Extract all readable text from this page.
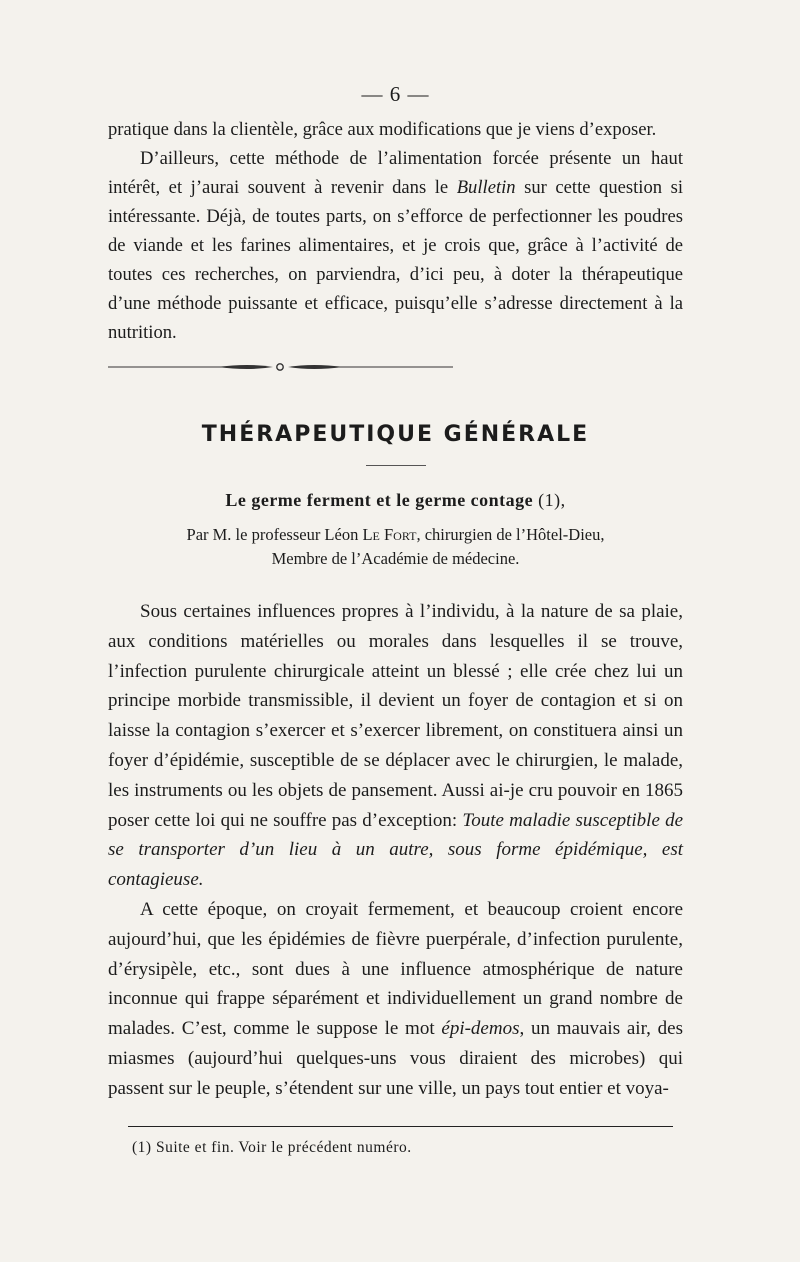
— 6 —

pratique dans la clientèle, grâce aux modifications que je viens d’exposer.

D’ailleurs, cette méthode de l’alimentation forcée présente un haut intérêt, et j’aurai souvent à revenir dans le Bulletin sur cette question si intéressante. Déjà, de toutes parts, on s’efforce de perfectionner les poudres de viande et les farines alimentaires, et je crois que, grâce à l’activité de toutes ces recherches, on parviendra, d’ici peu, à doter la thérapeutique d’une méthode puissante et efficace, puisqu’elle s’adresse directement à la nutrition.

THÉRAPEUTIQUE GÉNÉRALE

Le germe ferment et le germe contage (1),

Par M. le professeur Léon Le Fort, chirurgien de l’Hôtel-Dieu,

Membre de l’Académie de médecine.

Sous certaines influences propres à l’individu, à la nature de sa plaie, aux conditions matérielles ou morales dans lesquelles il se trouve, l’infection purulente chirurgicale atteint un blessé ; elle crée chez lui un principe morbide transmissible, il devient un foyer de contagion et si on laisse la contagion s’exercer et s’exercer librement, on constituera ainsi un foyer d’épidémie, susceptible de se déplacer avec le chirurgien, le malade, les instruments ou les objets de pansement. Aussi ai-je cru pouvoir en 1865 poser cette loi qui ne souffre pas d’exception: Toute maladie susceptible de se transporter d’un lieu à un autre, sous forme épidémique, est contagieuse.

A cette époque, on croyait fermement, et beaucoup croient encore aujourd’hui, que les épidémies de fièvre puerpérale, d’infection purulente, d’érysipèle, etc., sont dues à une influence atmosphérique de nature inconnue qui frappe séparément et individuellement un grand nombre de malades. C’est, comme le suppose le mot épi-demos, un mauvais air, des miasmes (aujourd’hui quelques-uns vous diraient des microbes) qui passent sur le peuple, s’étendent sur une ville, un pays tout entier et voya-

(1) Suite et fin. Voir le précédent numéro.
